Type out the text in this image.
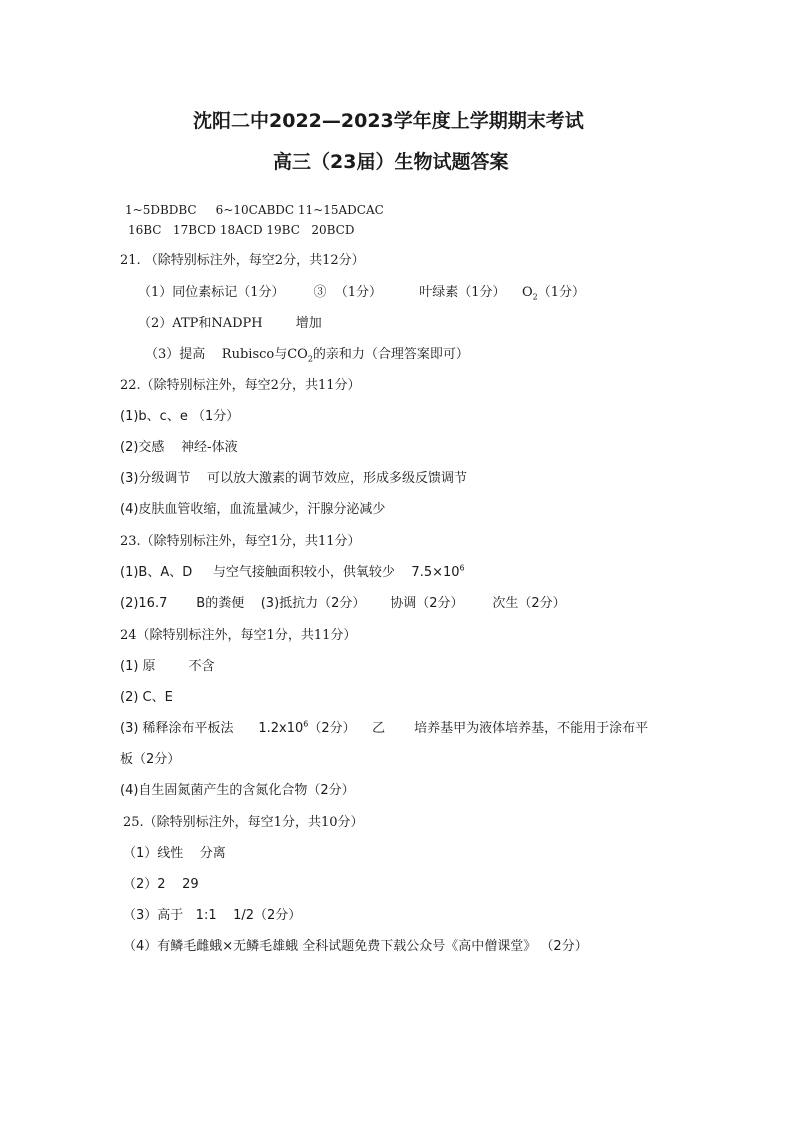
沈阳二中2022—2023学年度上学期期末考试
高三（23届）生物试题答案
1~5DBDBC     6~10CABDC 11~15ADCAC
16BC   17BCD 18ACD 19BC   20BCD
21. （除特别标注外，每空2分，共12分）
（1）同位素标记（1分）       ③  （1分）         叶绿素（1分）    $O_2(1$分）
（2）ATP和NADPH        增加
（3）提高    Rubisco与$CO_2$的亲和力（合理答案即可）
22.（除特别标注外，每空2分，共11分）
(1)b、c、e （1分）
(2)交感    神经-体液
(3)分级调节    可以放大激素的调节效应，形成多级反馈调节
(4)皮肤血管收缩，血流量减少，汗腺分泌减少
23.（除特别标注外，每空1分，共11分）
(1)B、A、D     与空气接触面积较小，供氧较少    $7.5\times 10^6$
(2)16.7       B的粪便    (3)抵抗力（2分）      协调（2分）       次生（2分）
24（除特别标注外，每空1分，共11分）
(1) 原        不含
(2) C、E
(3) 稀释涂布平板法      $1.2x10^6(2$分）    乙       培养基甲为液体培养基，不能用于涂布平
板（2分）
(4)自生固氮菌产生的含氮化合物（2分）
25.（除特别标注外，每空1分，共10分）
（1）线性    分离
（2）2    29
（3）高于   1:1    1/2（2分）
（4）有鳞毛雌蛾×无鳞毛雄蛾 全科试题免费下载公众号《高中僧课堂》 （2分）
